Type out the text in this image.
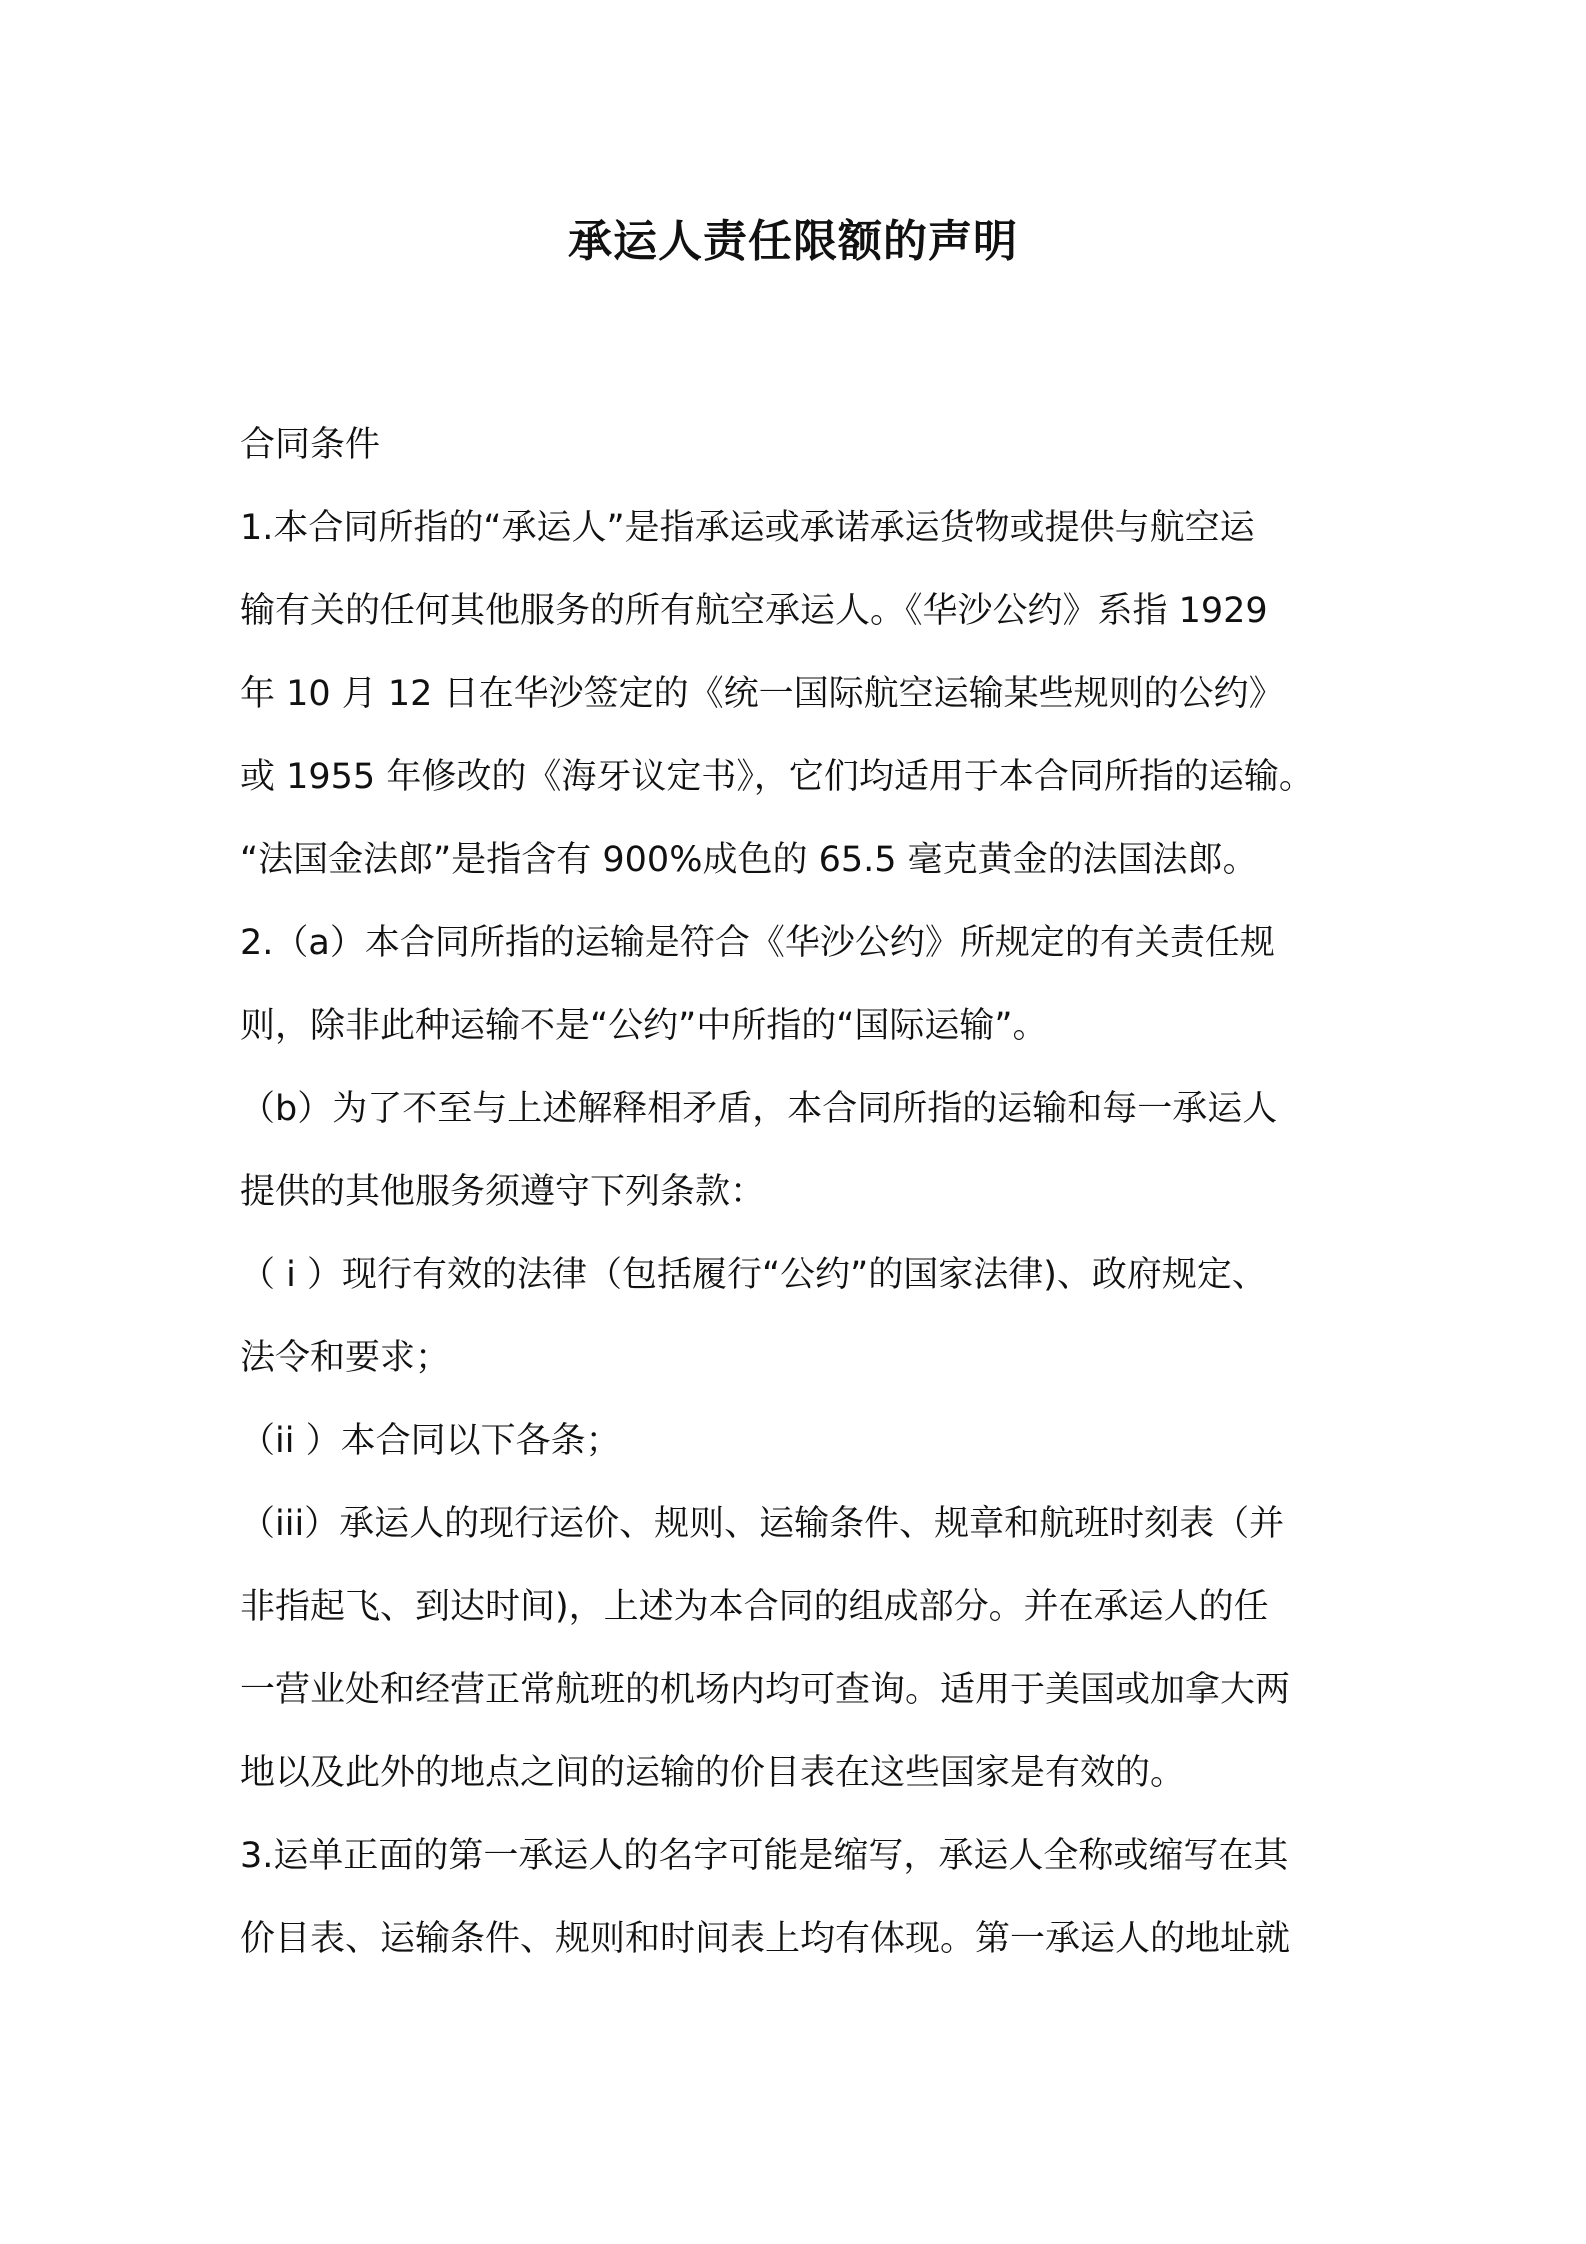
承运人责任限额的声明
合同条件
1.本合同所指的“承运人”是指承运或承诺承运货物或提供与航空运
输有关的任何其他服务的所有航空承运人。《华沙公约》系指 1929
年 10 月 12 日在华沙签定的《统一国际航空运输某些规则的公约》
或 1955 年修改的《海牙议定书》，它们均适用于本合同所指的运输。
“法国金法郎”是指含有 900%成色的 65.5 毫克黄金的法国法郎。
2.（a）本合同所指的运输是符合《华沙公约》所规定的有关责任规
则，除非此种运输不是“公约”中所指的“国际运输”。
（b）为了不至与上述解释相矛盾，本合同所指的运输和每一承运人
提供的其他服务须遵守下列条款：
（ i ）现行有效的法律（包括履行“公约”的国家法律)、政府规定、
法令和要求；
（ii ）本合同以下各条；
（iii）承运人的现行运价、规则、运输条件、规章和航班时刻表（并
非指起飞、到达时间)，上述为本合同的组成部分。并在承运人的任
一营业处和经营正常航班的机场内均可查询。适用于美国或加拿大两
地以及此外的地点之间的运输的价目表在这些国家是有效的。
3.运单正面的第一承运人的名字可能是缩写，承运人全称或缩写在其
价目表、运输条件、规则和时间表上均有体现。第一承运人的地址就
